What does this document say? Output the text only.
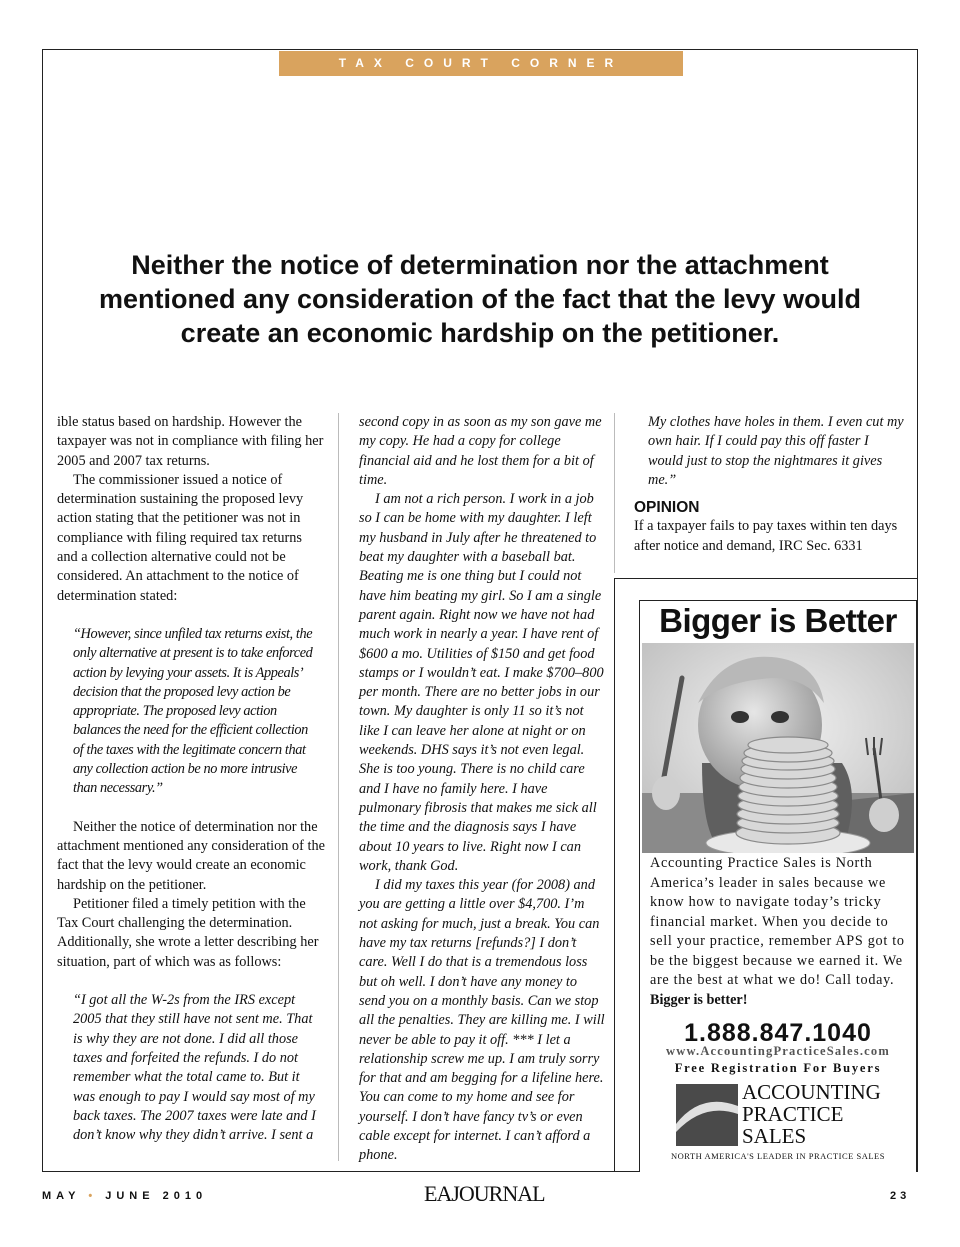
TAX COURT CORNER
Neither the notice of determination nor the attachment mentioned any consideration of the fact that the levy would create an economic hardship on the petitioner.

ible status based on hardship. However the taxpayer was not in compliance with filing her 2005 and 2007 tax returns.

The commissioner issued a notice of determination sustaining the proposed levy action stating that the petitioner was not in compliance with filing required tax returns and a collection alternative could not be considered. An attachment to the notice of determination stated:

“However, since unfiled tax returns exist, the only alternative at present is to take enforced action by levying your assets. It is Appeals’ decision that the proposed levy action be appropriate. The proposed levy action balances the need for the efficient collection of the taxes with the legitimate concern that any collection action be no more intrusive than necessary.”

Neither the notice of determination nor the attachment mentioned any consideration of the fact that the levy would create an economic hardship on the petitioner.

Petitioner filed a timely petition with the Tax Court challenging the determination. Additionally, she wrote a letter describing her situation, part of which was as follows:

“I got all the W-2s from the IRS except 2005 that they still have not sent me. That is why they are not done. I did all those taxes and forfeited the refunds. I do not remember what the total came to. But it was enough to pay I would say most of my back taxes. The 2007 taxes were late and I don’t know why they didn’t arrive. I sent a

second copy in as soon as my son gave me my copy. He had a copy for college financial aid and he lost them for a bit of time.

I am not a rich person. I work in a job so I can be home with my daughter. I left my husband in July after he threatened to beat my daughter with a baseball bat. Beating me is one thing but I could not have him beating my girl. So I am a single parent again. Right now we have not had much work in nearly a year. I have rent of $600 a mo. Utilities of $150 and get food stamps or I wouldn’t eat. I make $700–800 per month. There are no better jobs in our town. My daughter is only 11 so it’s not like I can leave her alone at night or on weekends. DHS says it’s not even legal. She is too young. There is no child care and I have no family here. I have pulmonary fibrosis that makes me sick all the time and the diagnosis says I have about 10 years to live. Right now I can work, thank God.

I did my taxes this year (for 2008) and you are getting a little over $4,700. I’m not asking for much, just a break. You can have my tax returns [refunds?] I don’t care. Well I do that is a tremendous loss but oh well. I don’t have any money to send you on a monthly basis. Can we stop all the penalties. They are killing me. I will never be able to pay it off. *** I let a relationship screw me up. I am truly sorry for that and am begging for a lifeline here. You can come to my home and see for yourself. I don’t have fancy tv’s or even cable except for internet. I can’t afford a phone.

My clothes have holes in them. I even cut my own hair. If I could pay this off faster I would just to stop the nightmares it gives me.”

OPINION

If a taxpayer fails to pay taxes within ten days after notice and demand, IRC Sec. 6331

Bigger is Better

Accounting Practice Sales is North America’s leader in sales because we know how to navigate today’s tricky financial market. When you decide to sell your practice, remember APS got to be the biggest because we earned it. We are the best at what we do! Call today. Bigger is better!

1.888.847.1040

www.AccountingPracticeSales.com

Free Registration For Buyers

ACCOUNTING
PRACTICE
SALES

NORTH AMERICA'S LEADER IN PRACTICE SALES

MAY • JUNE 2010	EAJOURNAL	23
